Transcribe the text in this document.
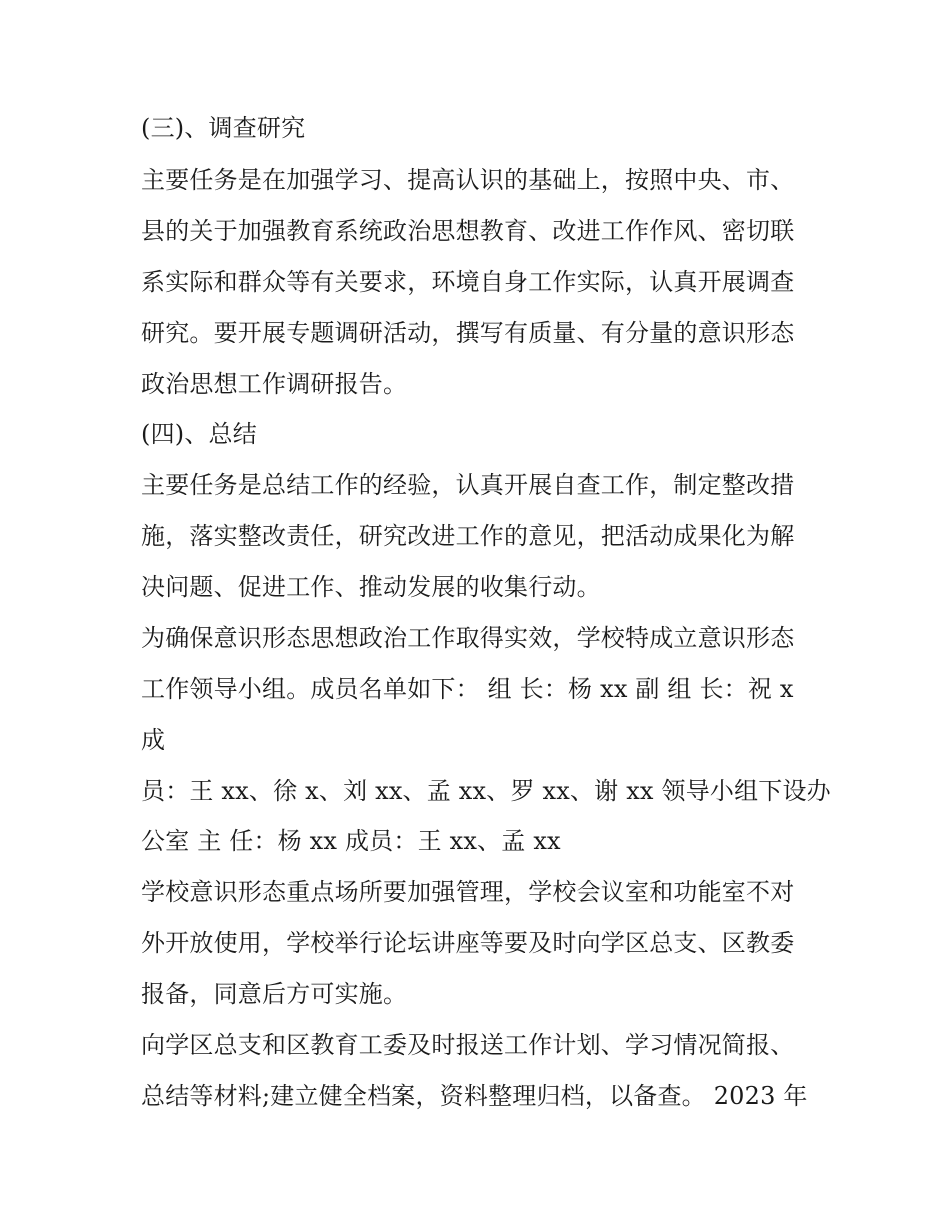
(三)、调查研究
主要任务是在加强学习、提高认识的基础上，按照中央、市、
县的关于加强教育系统政治思想教育、改进工作作风、密切联
系实际和群众等有关要求，环境自身工作实际，认真开展调查
研究。要开展专题调研活动，撰写有质量、有分量的意识形态
政治思想工作调研报告。
(四)、总结
主要任务是总结工作的经验，认真开展自查工作，制定整改措
施，落实整改责任，研究改进工作的意见，把活动成果化为解
决问题、促进工作、推动发展的收集行动。
为确保意识形态思想政治工作取得实效，学校特成立意识形态
工作领导小组。成员名单如下： 组 长：杨 xx 副 组 长：祝 x
成
员：王 xx、徐 x、刘 xx、孟 xx、罗 xx、谢 xx 领导小组下设办
公室 主 任：杨 xx 成员：王 xx、孟 xx
学校意识形态重点场所要加强管理，学校会议室和功能室不对
外开放使用，学校举行论坛讲座等要及时向学区总支、区教委
报备，同意后方可实施。
向学区总支和区教育工委及时报送工作计划、学习情况简报、
总结等材料;建立健全档案，资料整理归档，以备查。 2023 年
